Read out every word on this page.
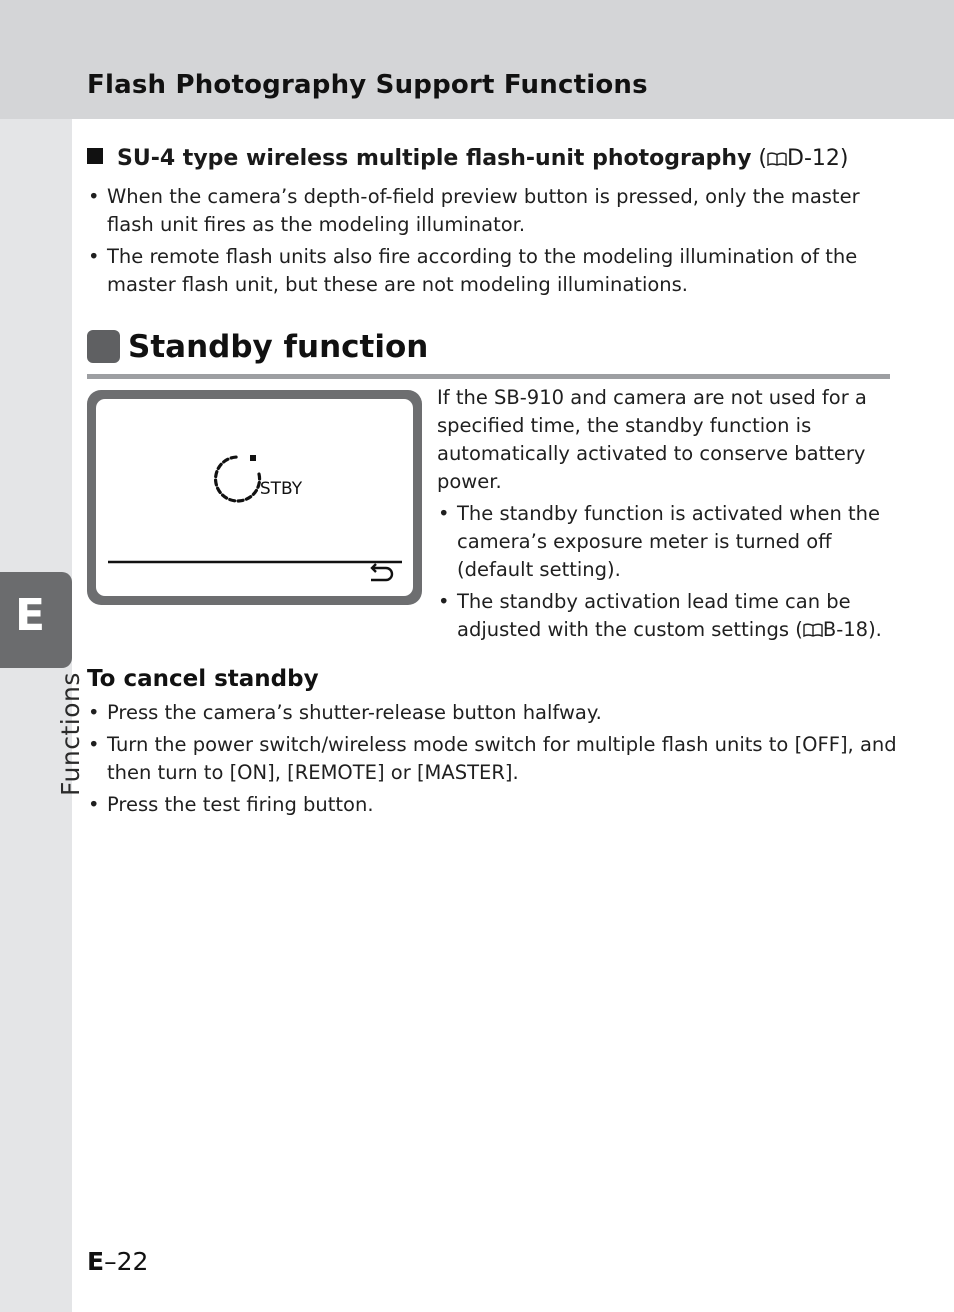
Flash Photography Support Functions
E
Functions
SU-4 type wireless multiple flash-unit photography ( D-12)
• When the camera’s depth-of-field preview button is pressed, only the master flash unit fires as the modeling illuminator.
• The remote flash units also fire according to the modeling illumination of the master flash unit, but these are not modeling illuminations.
Standby function
STBY
If the SB-910 and camera are not used for a specified time, the standby function is automatically activated to conserve battery power.
• The standby function is activated when the camera’s exposure meter is turned off (default setting).
• The standby activation lead time can be adjusted with the custom settings ( B-18).
To cancel standby
• Press the camera’s shutter-release button halfway.
• Turn the power switch/wireless mode switch for multiple flash units to [OFF], and then turn to [ON], [REMOTE] or [MASTER].
• Press the test firing button.
E–22
